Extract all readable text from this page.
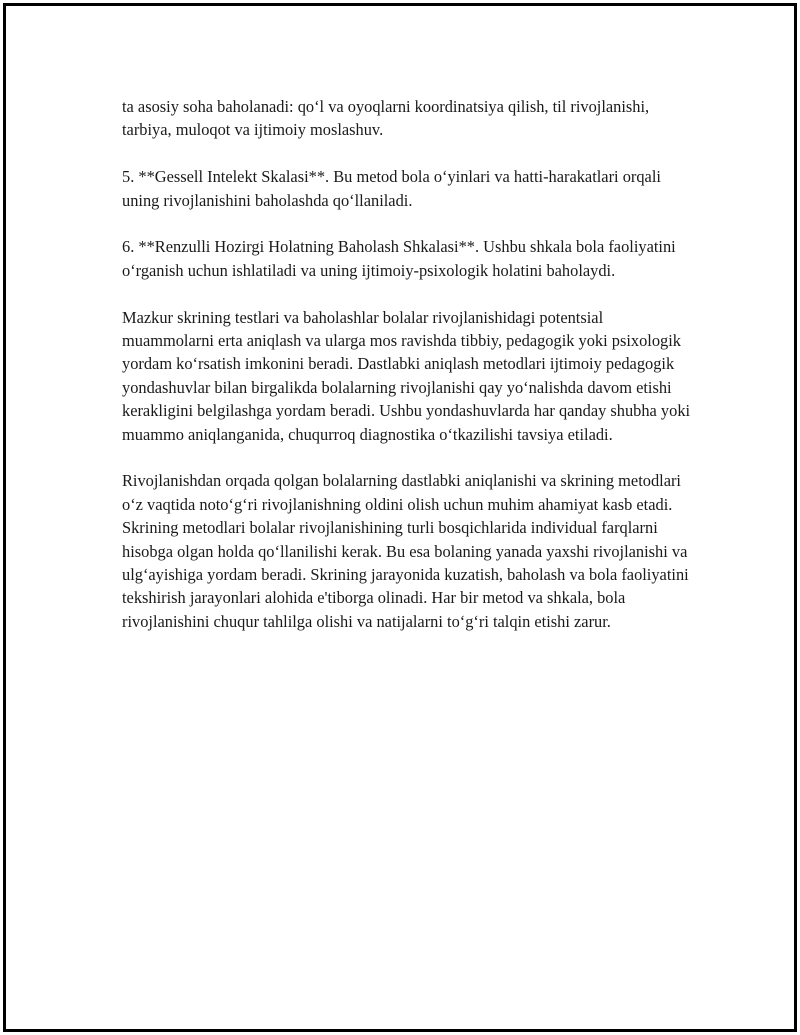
ta asosiy soha baholanadi: qo‘l va oyoqlarni koordinatsiya qilish, til rivojlanishi, tarbiya, muloqot va ijtimoiy moslashuv.

5. **Gessell Intelekt Skalasi**. Bu metod bola o‘yinlari va hatti-harakatlari orqali uning rivojlanishini baholashda qo‘llaniladi.

6. **Renzulli Hozirgi Holatning Baholash Shkalasi**. Ushbu shkala bola faoliyatini o‘rganish uchun ishlatiladi va uning ijtimoiy-psixologik holatini baholaydi.

Mazkur skrining testlari va baholashlar bolalar rivojlanishidagi potentsial muammolarni erta aniqlash va ularga mos ravishda tibbiy, pedagogik yoki psixologik yordam ko‘rsatish imkonini beradi. Dastlabki aniqlash metodlari ijtimoiy pedagogik yondashuvlar bilan birgalikda bolalarning rivojlanishi qay yo‘nalishda davom etishi kerakligini belgilashga yordam beradi. Ushbu yondashuvlarda har qanday shubha yoki muammo aniqlanganida, chuqurroq diagnostika o‘tkazilishi tavsiya etiladi.

Rivojlanishdan orqada qolgan bolalarning dastlabki aniqlanishi va skrining metodlari o‘z vaqtida noto‘g‘ri rivojlanishning oldini olish uchun muhim ahamiyat kasb etadi. Skrining metodlari bolalar rivojlanishining turli bosqichlarida individual farqlarni hisobga olgan holda qo‘llanilishi kerak. Bu esa bolaning yanada yaxshi rivojlanishi va ulg‘ayishiga yordam beradi. Skrining jarayonida kuzatish, baholash va bola faoliyatini tekshirish jarayonlari alohida e'tiborga olinadi. Har bir metod va shkala, bola rivojlanishini chuqur tahlilga olishi va natijalarni to‘g‘ri talqin etishi zarur.
